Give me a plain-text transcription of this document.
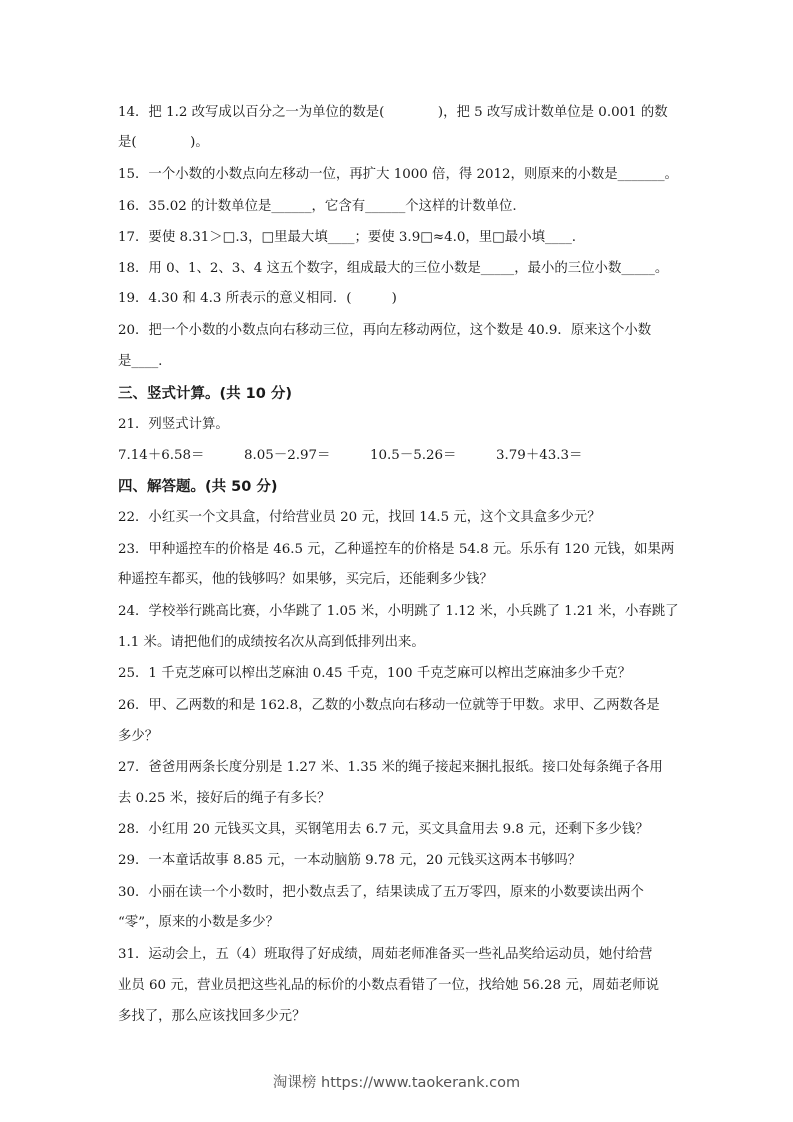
14．把 1.2 改写成以百分之一为单位的数是(　　　　)，把 5 改写成计数单位是 0.001 的数
是(　　　　)。
15．一个小数的小数点向左移动一位，再扩大 1000 倍，得 2012，则原来的小数是_______。
16．35.02 的计数单位是______，它含有______个这样的计数单位.
17．要使 8.31＞□.3，□里最大填____；要使 3.9□≈4.0，里□最小填____.
18．用 0、1、2、3、4 这五个数字，组成最大的三位小数是_____，最小的三位小数_____。
19．4.30 和 4.3 所表示的意义相同．(　　　)
20．把一个小数的小数点向右移动三位，再向左移动两位，这个数是 40.9．原来这个小数
是____.
三、竖式计算。(共 10 分)
21．列竖式计算。
7.14＋6.58＝	8.05－2.97＝	10.5－5.26＝	3.79＋43.3＝
四、解答题。(共 50 分)
22．小红买一个文具盒，付给营业员 20 元，找回 14.5 元，这个文具盒多少元？
23．甲种遥控车的价格是 46.5 元，乙种遥控车的价格是 54.8 元。乐乐有 120 元钱，如果两
种遥控车都买，他的钱够吗？如果够，买完后，还能剩多少钱？
24．学校举行跳高比赛，小华跳了 1.05 米，小明跳了 1.12 米，小兵跳了 1.21 米，小春跳了
1.1 米。请把他们的成绩按名次从高到低排列出来。
25．1 千克芝麻可以榨出芝麻油 0.45 千克，100 千克芝麻可以榨出芝麻油多少千克？
26．甲、乙两数的和是 162.8，乙数的小数点向右移动一位就等于甲数。求甲、乙两数各是
多少？
27．爸爸用两条长度分别是 1.27 米、1.35 米的绳子接起来捆扎报纸。接口处每条绳子各用
去 0.25 米，接好后的绳子有多长？
28．小红用 20 元钱买文具，买钢笔用去 6.7 元，买文具盒用去 9.8 元，还剩下多少钱？
29．一本童话故事 8.85 元，一本动脑筋 9.78 元，20 元钱买这两本书够吗？
30．小丽在读一个小数时，把小数点丢了，结果读成了五万零四，原来的小数要读出两个
“零”，原来的小数是多少？
31．运动会上，五（4）班取得了好成绩，周茹老师准备买一些礼品奖给运动员，她付给营
业员 60 元，营业员把这些礼品的标价的小数点看错了一位，找给她 56.28 元，周茹老师说
多找了，那么应该找回多少元？
淘课榜 https://www.taokerank.com
